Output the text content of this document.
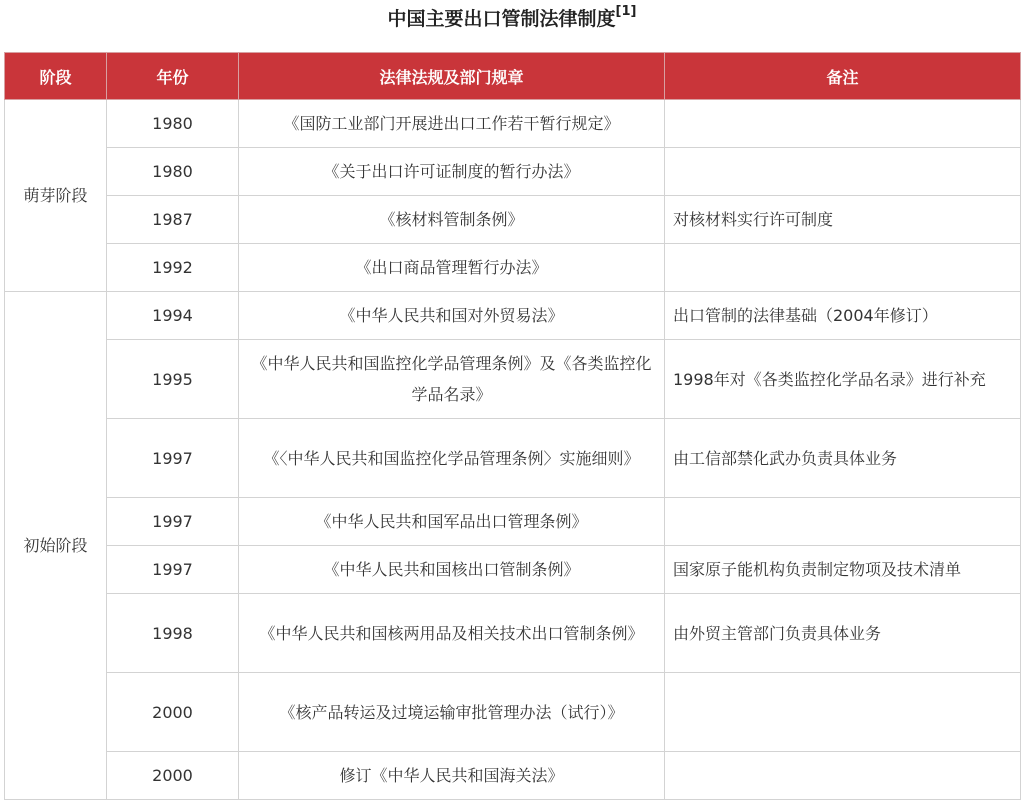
中国主要出口管制法律制度[1]
阶段	年份	法律法规及部门规章	备注
萌芽阶段	1980	《国防工业部门开展进出口工作若干暂行规定》	
	1980	《关于出口许可证制度的暂行办法》	
	1987	《核材料管制条例》	对核材料实行许可制度
	1992	《出口商品管理暂行办法》	
初始阶段	1994	《中华人民共和国对外贸易法》	出口管制的法律基础（2004年修订）
	1995	《中华人民共和国监控化学品管理条例》及《各类监控化学品名录》	1998年对《各类监控化学品名录》进行补充
	1997	《〈中华人民共和国监控化学品管理条例〉实施细则》	由工信部禁化武办负责具体业务
	1997	《中华人民共和国军品出口管理条例》	
	1997	《中华人民共和国核出口管制条例》	国家原子能机构负责制定物项及技术清单
	1998	《中华人民共和国核两用品及相关技术出口管制条例》	由外贸主管部门负责具体业务
	2000	《核产品转运及过境运输审批管理办法（试行）》	
	2000	修订《中华人民共和国海关法》	
